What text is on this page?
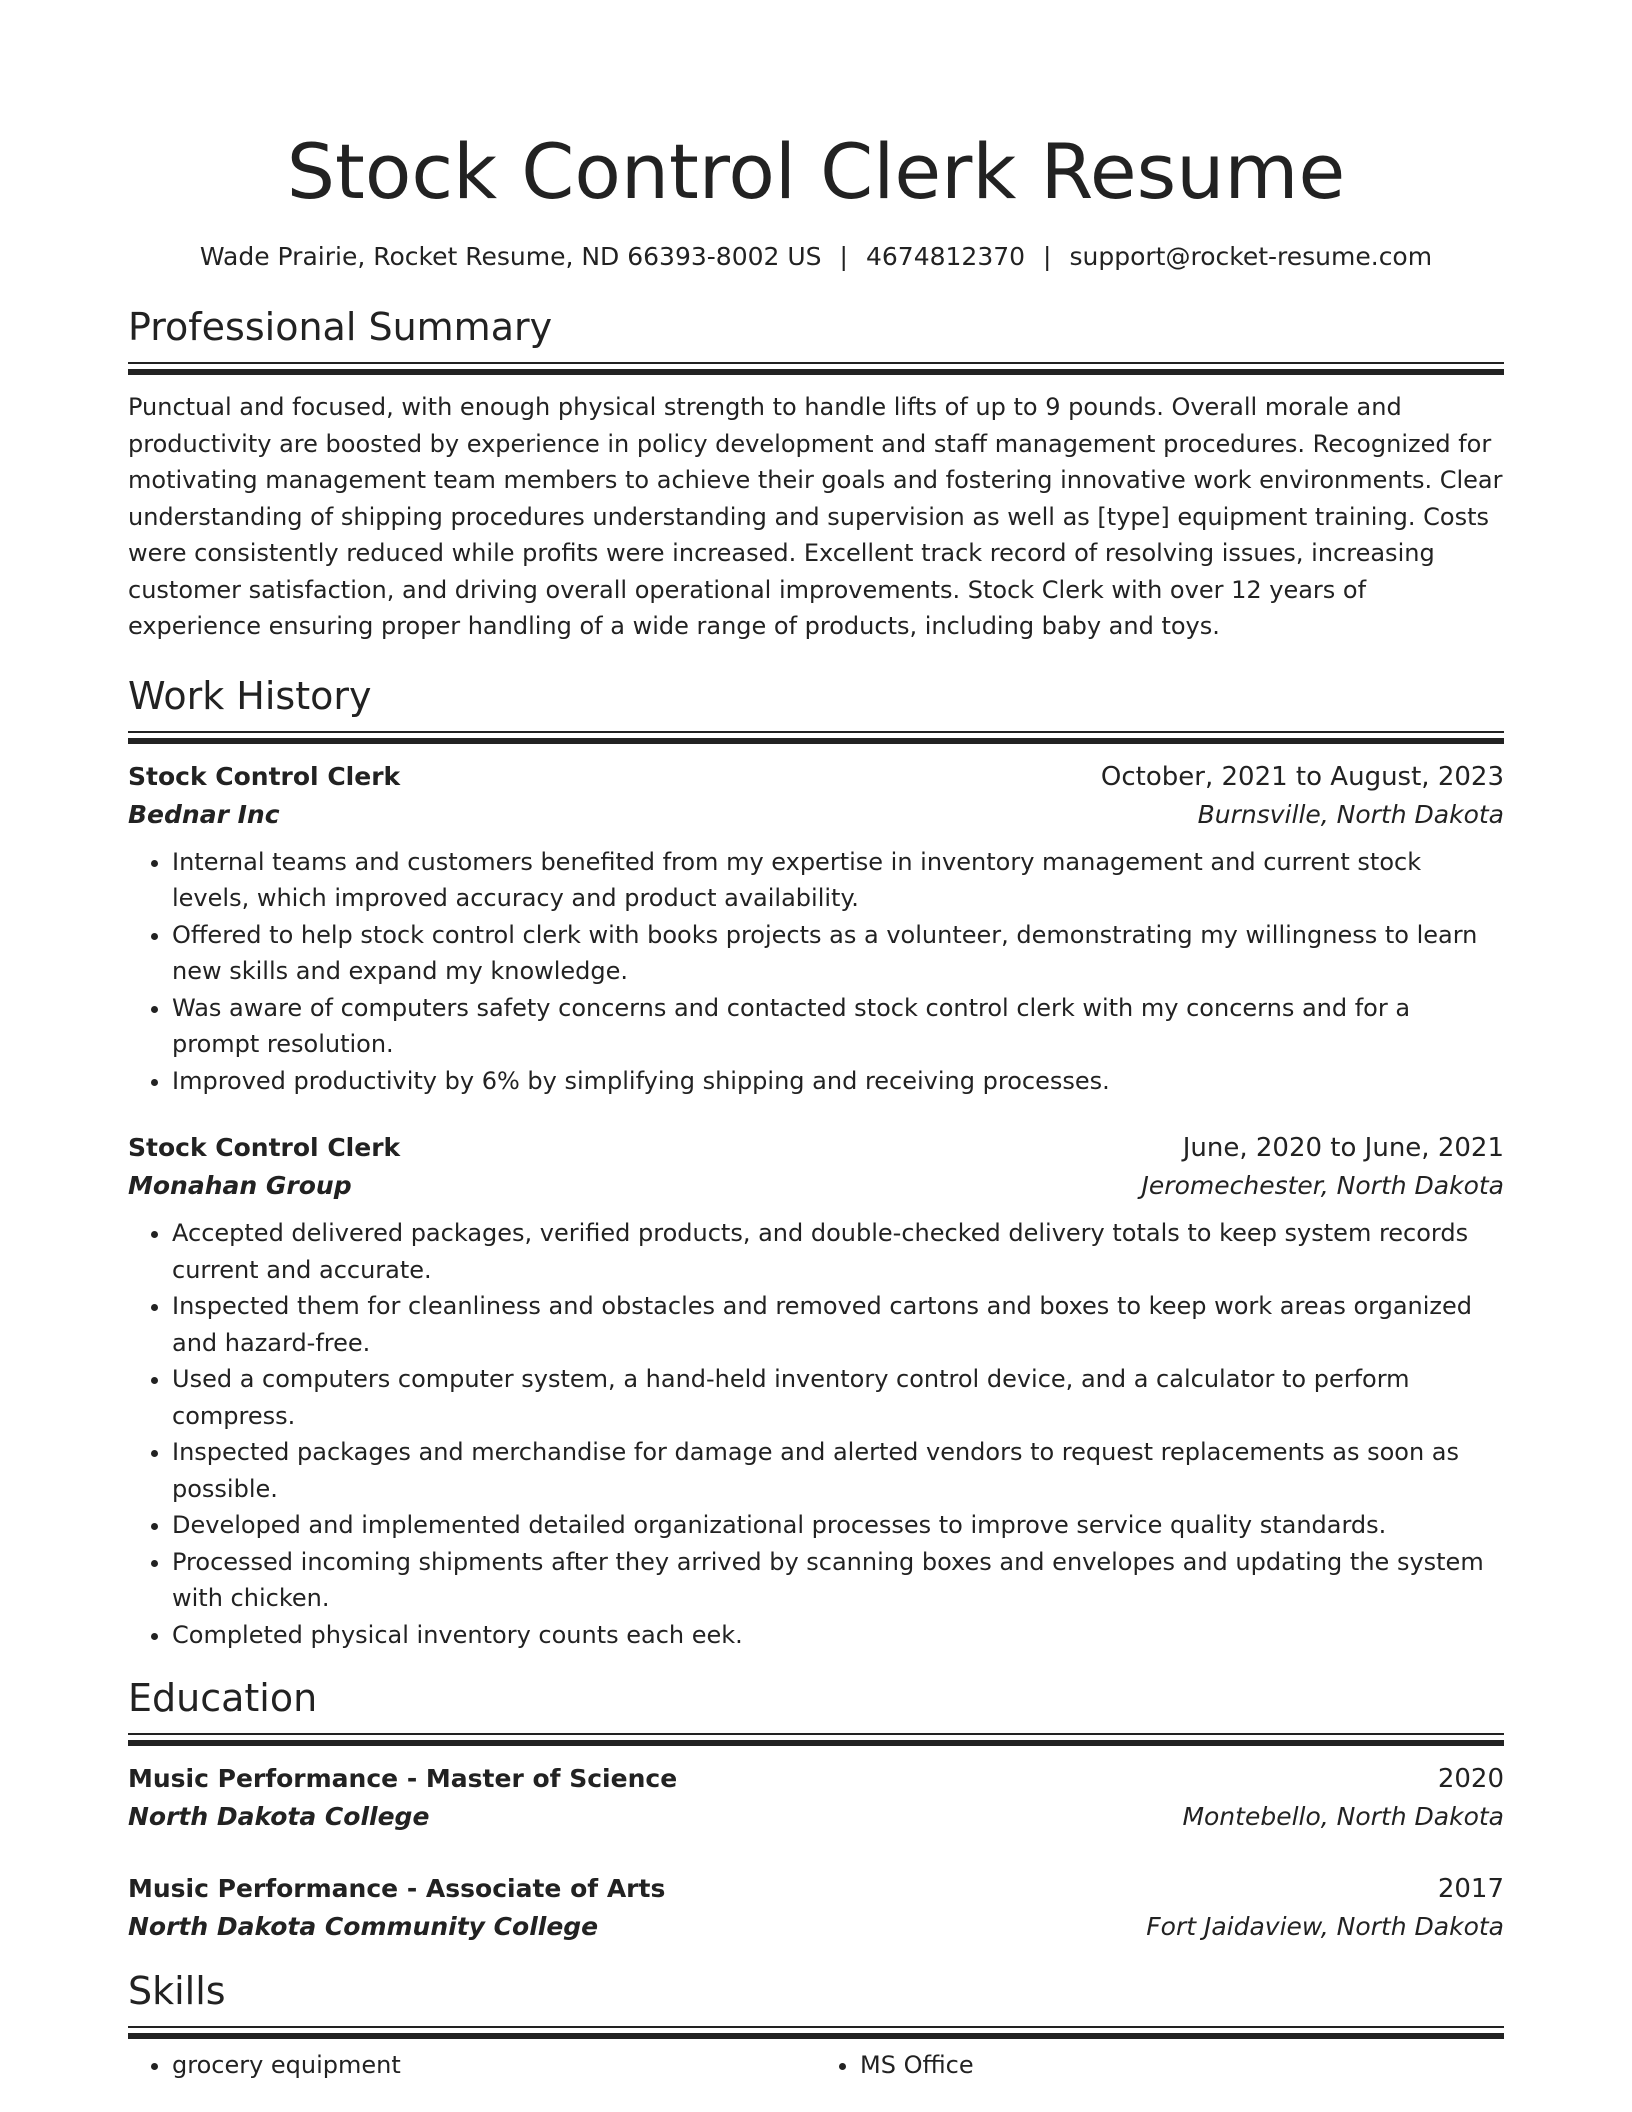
Stock Control Clerk Resume
Wade Prairie, Rocket Resume, ND 66393-8002 US | 4674812370 | support@rocket-resume.com
Professional Summary
Punctual and focused, with enough physical strength to handle lifts of up to 9 pounds. Overall morale and productivity are boosted by experience in policy development and staff management procedures. Recognized for motivating management team members to achieve their goals and fostering innovative work environments. Clear understanding of shipping procedures understanding and supervision as well as [type] equipment training. Costs were consistently reduced while profits were increased. Excellent track record of resolving issues, increasing customer satisfaction, and driving overall operational improvements. Stock Clerk with over 12 years of experience ensuring proper handling of a wide range of products, including baby and toys.
Work History
Stock Control Clerk	October, 2021 to August, 2023
Bednar Inc	Burnsville, North Dakota
• Internal teams and customers benefited from my expertise in inventory management and current stock levels, which improved accuracy and product availability.
• Offered to help stock control clerk with books projects as a volunteer, demonstrating my willingness to learn new skills and expand my knowledge.
• Was aware of computers safety concerns and contacted stock control clerk with my concerns and for a prompt resolution.
• Improved productivity by 6% by simplifying shipping and receiving processes.
Stock Control Clerk	June, 2020 to June, 2021
Monahan Group	Jeromechester, North Dakota
• Accepted delivered packages, verified products, and double-checked delivery totals to keep system records current and accurate.
• Inspected them for cleanliness and obstacles and removed cartons and boxes to keep work areas organized and hazard-free.
• Used a computers computer system, a hand-held inventory control device, and a calculator to perform compress.
• Inspected packages and merchandise for damage and alerted vendors to request replacements as soon as possible.
• Developed and implemented detailed organizational processes to improve service quality standards.
• Processed incoming shipments after they arrived by scanning boxes and envelopes and updating the system with chicken.
• Completed physical inventory counts each eek.
Education
Music Performance - Master of Science	2020
North Dakota College	Montebello, North Dakota
Music Performance - Associate of Arts	2017
North Dakota Community College	Fort Jaidaview, North Dakota
Skills
• grocery equipment
•	MS Office
